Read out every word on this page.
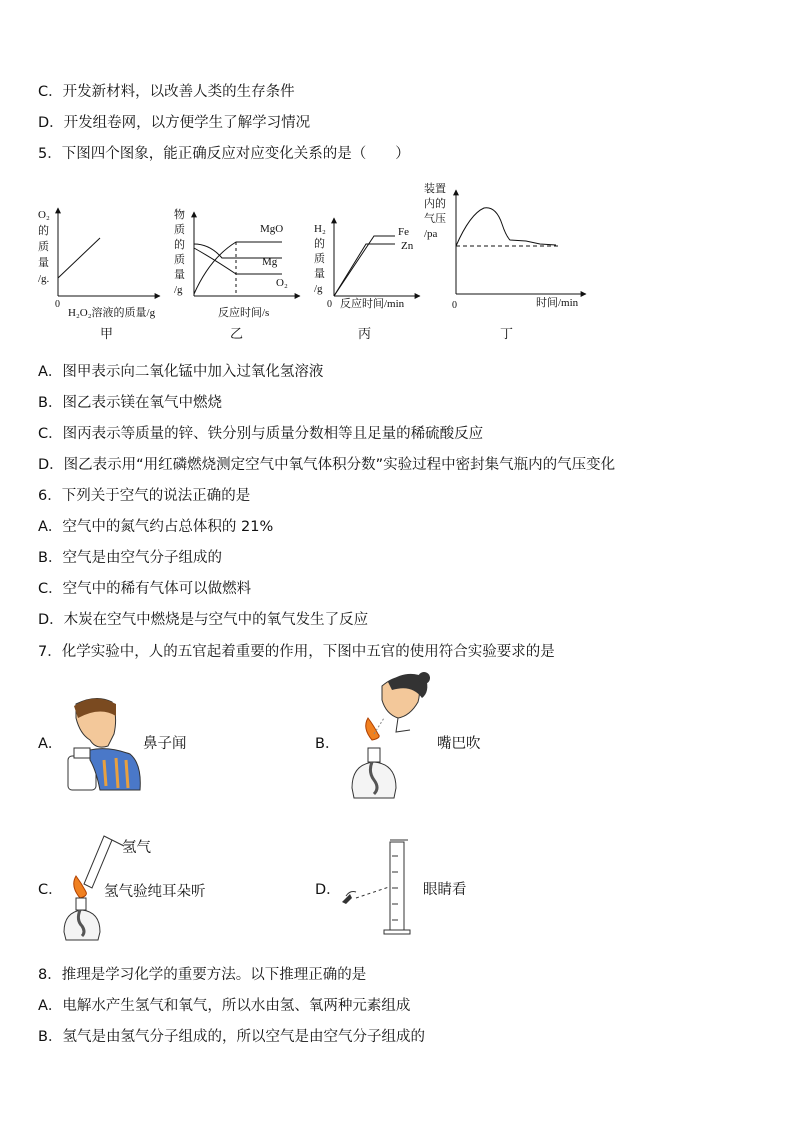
C．开发新材料，以改善人类的生存条件
D．开发组卷网，以方便学生了解学习情况
5．下图四个图象，能正确反应对应变化关系的是（　　）
O₂
的
质
量
/g.
0
H₂O₂溶液的质量/g
甲
物
质
的
质
量
/g
MgO
Mg
O₂
反应时间/s
乙
H₂
的
质
量
/g
Fe
Zn
0 反应时间/min
丙
装置
内的
气压
/pa
0	时间/min
丁
A．图甲表示向二氧化锰中加入过氧化氢溶液
B．图乙表示镁在氧气中燃烧
C．图丙表示等质量的锌、铁分别与质量分数相等且足量的稀硫酸反应
D．图乙表示用“用红磷燃烧测定空气中氧气体积分数”实验过程中密封集气瓶内的气压变化
6．下列关于空气的说法正确的是
A．空气中的氮气约占总体积的 21%
B．空气是由空气分子组成的
C．空气中的稀有气体可以做燃料
D．木炭在空气中燃烧是与空气中的氧气发生了反应
7．化学实验中，人的五官起着重要的作用，下图中五官的使用符合实验要求的是
A．	鼻子闻	B．	嘴巴吹
C．
氢气
氢气验纯耳朵听	D．	眼睛看
8．推理是学习化学的重要方法。以下推理正确的是
A．电解水产生氢气和氧气，所以水由氢、氧两种元素组成
B．氢气是由氢气分子组成的，所以空气是由空气分子组成的
